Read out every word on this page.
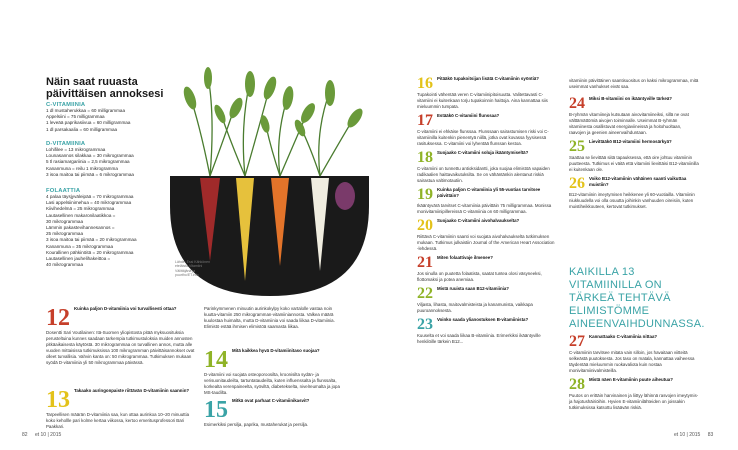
Näin saat ruuasta päivittäisen annoksesi
C-VITAMIINIA
1 dl mustaherukkaa = 60 milligrammaa
Appelsiini = 75 milligrammaa
1 leveää paprikasiivua = 60 milligrammaa
1 dl parsakaalia = 60 milligrammaa
D-VITAMIINIA
Lohifilee = 13 mikrogrammaa
Lounasannos silakkaa = 30 mikrogrammaa
5 tl rasiamargariinia = 2,5 mikrogrammaa
Kananmuna = reilu 1 mikrogramma
3 isoa maitoa tai piimää = 6 mikrogrammaa
FOLAATTIA
4 palaa täysjyväleipää = 70 mikrogrammaa
Lasi appelsiinimehua = 40 mikrogrammaa
Kiivihedelmä = 25 mikrogrammaa
Lautasellinen makaronilaatikkoa =
30 mikrogrammaa
Lämmin pakastevihannesannos =
25 mikrogrammaa
3 isoa maitoa tai piimää = 20 mikrogrammaa
Kananmuna = 35 mikrogrammaa
Kourallinen pähkinöitä = 20 mikrogrammaa
Lautasellinen jauhelihakeittoa =
40 mikrogrammaa
Lähde: Essi Kähkönen eteläistä Vitamiini Välittäjänä ja puurtho/ET.info
12 Kuinka paljon D-vitamiinia voi turvallisesti ottaa?
Dosentti Sari Voutilainen: Itä-Suomen yliopistosta pitää myksuosituksia perusteltuina kunnes saadaan tarkempia tutkimustuloksia muiden annosten pitkäaikaisesta käytöstä. 30 mikrogrammaa on turvallinen annos, mutta alle vuoden mittaisissa tutkimuksissa 100 mikrogramman päivittäisannokset ovat olleet turvallisia. Vahvin kanta on: 50 mikrogrammaa. Tutkimuksen mukaan syödä D-vitamiinia yli 50 mikrogrammaa päivässä.
13 Takaako auringonpaiste riittävän D-vitamiinin saannin?
Tarpeellisen määrän D-vitamiinia saa, kun ottaa aurinkoa 10–20 minuuttia koko kehollle pari kolme kertaa viikossa, kertoo emeritusprofessori Bari Paakkari.
Parinkymmenen minuutin aurinkokylpy koko vartalolle vastaa noin kuutta-vitamiin 250 mikrogramman-vitamiiniannosta. Valkea määrä kuulostaa huimalta, mutta D-vitamiinia voi saada liikaa D-vitamiinia. Elimistö estää ihmisen elimistöä saamasta liikaa.
14 Mitä kaikkea hyvä D-vitamiinitaso suojaa?
D-vitamiini voi suojata osteoporoosilta, kroonisilta sydän- ja verisuonitaudeilta, tartuntataudeilta, kuten influenssalta ja flunssalta, korkealta verenpaineelta, syöviltä, diabetekselta, nivelreumalta ja jopa MS-taudilta.
15 Mitkä ovat parhaat C-vitamiinikasvit?
Esimerkiksi persilja, paprika, mustaherukat ja persilja.
82 et 10 | 2015
16 Pitääkö tupakoitsijan lisätä C-vitamiinin syöntiä?
Tupakointi vähentää veren C-vitamiinipitoisuutta. Valitettavasti C-vitamiini ei kuitenkaan torju tupakoinnin haittoja. Aina kannattaa siis mieluummin tumpata.
17 Estääkö C-vitamiini flunssaa?
C-vitamiini ei ehkäise flunssaa. Flunssaan sairastumisen riski voi C-vitamiinilla kuitenkin pienentyä niillä, jotka ovat kovassa fyysisessä rasituksessa. C-vitamiini voi lyhentää flunssan kestoa.
18 Suojaako C-vitamiini soluja ikääntymiseltä?
C-vitamiini on tunnettu antioksidantti, joka suojaa elimistöä vapaiden radikaalien haittavaikutuksilta. Se on vähäntänkin alentanut riskiä sairastua valtimotautiin.
19 Kuinka paljon C-vitamiinia yli 55-vuotias tarvitsee päivittäin?
Ikääntyvärä tarvitset C-vitamiinia päivittäin 75 milligrammaa. Monissa monivitamiinipillereissä C-vitamiinia on 60 milligrammaa.
20 Suojaako C-vitamiini aivohalvaukselta?
Riittävä C-vitamiinin saanti voi suojata aivohalvaukselta tutkimuksen mukaan. Tutkimus julkaistiin Journal of the American Heart Association -lehdessä.
21 Miten folaattivaje ilmenee?
Jos sinulla on puutetta folaatista, saatat tuntea olosi väsyneeksi, flottomaksi ja potea anemiaa.
22 Mistä ruuista saan B12-vitamiinia?
Viljasta, lihasta, maitovalmisteista ja kanamunista, vaikkapa puuroannoksesta.
23 Voinko saada ylianostuksen B-vitamiinista?
Kuuselta et voi saada liikaa B-vitamiinia. Erimerkiksi ikääntyville henkilöille tärkein B12...
vitamiinin päivittäinen saantisuositus on kaksi mikrogrammaa, mitä useimmat vanhukset eivät saa.
24 Miksi B-vitamiini on ikääntyville tärkeä?
B-ryhmän vitamiineja kutsutaan aivovitamiineiksi, sillä ne ovat välttämättömiä aivojen toiminnalle. Useimmat B-ryhmän vitamiinesta osallistuvat energiaviineissä ja hoitohuoltaan, raavojen ja geenien aineenvaihduntaan.
25 Lievittääkö B12-vitamiini hermosärkyä?
Saattaa se lievittää siitä tapauksessa, että oire johtuu vitamiinin puutteesta. Tutkimus ei väitä että vitamiini lievittäisi B12-vitamiinilla ei kuitenkaan ole.
26 Voiko B12-vitamiinin vähäinen saanti vaikuttaa muistiin?
B12-vitamiinin imeytymisen heikkenee yli 60-vuotiailla. Vitamiinin niukkuudella voi olla osuutta joihinkin vanhuuden oireisiin, kuten muistiheikkouteen, kertovat tutkimukset.
KAIKILLA 13 VITAMIINILLA ON TÄRKEÄ TEHTÄVÄ ELIMISTÖMME AINEENVAIHDUNNASSA.
27 Kannattaako C-vitamiinia nittaa?
C-vitamiinin tarvitsee mitata vain silloin, jos havaitaan viitteitä selkeästä puutoksesta. Jos taso on matala, kannattaa vaiheessa täydentää mieluummin ruokavaliota kuin nostaa monivitamiinivalmisteilla.
28 Mistä näen E-vitamiinin puute aiheutua?
Puutos on erittäin harvinainen ja liittyy lähinnä rasvojen imeytymis- ja hajotushäiriöihin. Hyvien E-vitamiinilähteiden on joissakin tutkimuksissa katsottu lisäävän riskiä.
et 10 | 2015 83
